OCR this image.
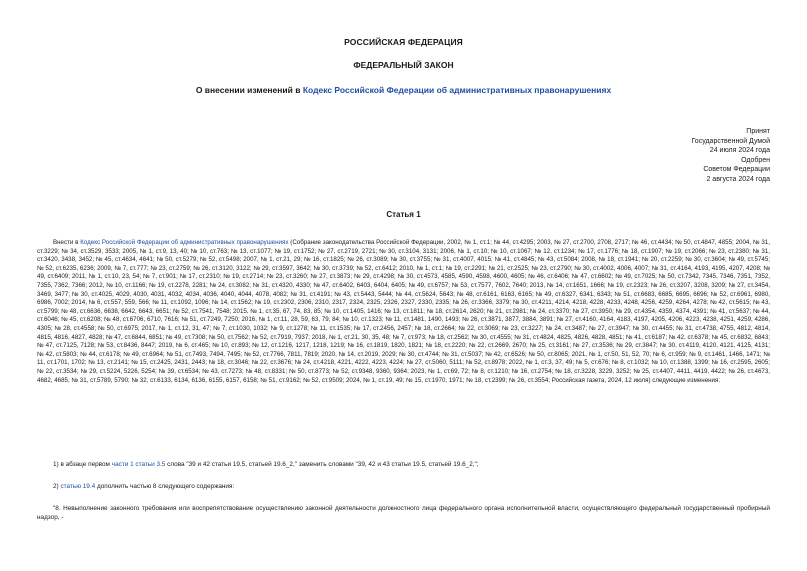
РОССИЙСКАЯ ФЕДЕРАЦИЯ
ФЕДЕРАЛЬНЫЙ ЗАКОН
О внесении изменений в Кодекс Российской Федерации об административных правонарушениях
Принят
Государственной Думой
24 июля 2024 года
Одобрен
Советом Федерации
2 августа 2024 года
Статья 1
Внести в Кодекс Российской Федерации об административных правонарушениях (Собрание законодательства Российской Федерации, 2002, № 1, ст.1; № 44, ст.4295; 2003, № 27, ст.2700, 2708, 2717; № 46, ст.4434; № 50, ст.4847, 4855; 2004, № 31, ст.3229; № 34, ст.3529, 3533; 2005, № 1, ст.9, 13, 40; № 10, ст.763; № 13, ст.1077; № 19, ст.1752; № 27, ст.2719, 2721; № 30, ст.3104, 3131; 2006, № 1, ст.10; № 10, ст.1067; № 12, ст.1234; № 17, ст.1776; № 18, ст.1907; № 19, ст.2066; № 23, ст.2380; № 31, ст.3420, 3438, 3452; № 45, ст.4634, 4641; № 50, ст.5279; № 52, ст.5498; 2007, № 1, ст.21, 29; № 16, ст.1825; № 26, ст.3089; № 30, ст.3755; № 31, ст.4007, 4015; № 41, ст.4845; № 43, ст.5084; 2008, № 18, ст.1941; № 20, ст.2259; № 30, ст.3604; № 49, ст.5745; № 52, ст.6235, 6236; 2009, № 7, ст.777; № 23, ст.2759; № 26, ст.3120, 3122; № 29, ст.3597, 3642; № 30, ст.3739; № 52, ст.6412; 2010, № 1, ст.1; № 19, ст.2291; № 21, ст.2525; № 23, ст.2790; № 30, ст.4002, 4006, 4007; № 31, ст.4164, 4193, 4195, 4207, 4208; № 49, ст.6409; 2011, № 1, ст.10, 23, 54; № 7, ст.901; № 17, ст.2310; № 19, ст.2714; № 23, ст.3260; № 27, ст.3873; № 29, ст.4298; № 30, ст.4573, 4585, 4590, 4598, 4600, 4605; № 46, ст.6406; № 47, ст.6602; № 49, ст.7025; № 50, ст.7342, 7345, 7346, 7351, 7352, 7355, 7362, 7366; 2012, № 10, ст.1166; № 19, ст.2278, 2281; № 24, ст.3082; № 31, ст.4320, 4330; № 47, ст.6402, 6403, 6404, 6405; № 49, ст.6757; № 53, ст.7577, 7602, 7640; 2013, № 14, ст.1651, 1666; № 19, ст.2323; № 26, ст.3207, 3208, 3209; № 27, ст.3454, 3469, 3477; № 30, ст.4025, 4029, 4030, 4031, 4032, 4034, 4036, 4040, 4044, 4078, 4082; № 31, ст.4191; № 43, ст.5443, 5444; № 44, ст.5624, 5643; № 48, ст.6161, 6163, 6165; № 49, ст.6327, 6341, 6343; № 51, ст.6683, 6685, 6695, 6696; № 52, ст.6961, 6980, 6986, 7002; 2014, № 6, ст.557, 559, 566; № 11, ст.1092, 1096; № 14, ст.1562; № 19, ст.2302, 2306, 2310, 2317, 2324, 2325, 2326, 2327, 2330, 2335; № 26, ст.3366, 3379; № 30, ст.4211, 4214, 4218, 4228, 4233, 4248, 4256, 4259, 4264, 4278; № 42, ст.5615; № 43, ст.5799; № 48, ст.6636, 6638, 6642, 6643, 6651; № 52, ст.7541, 7548; 2015, № 1, ст.35, 67, 74, 83, 85; № 10, ст.1405, 1416; № 13, ст.1811; № 18, ст.2614, 2620; № 21, ст.2981; № 24, ст.3370; № 27, ст.3950; № 29, ст.4354, 4359, 4374, 4391; № 41, ст.5637; № 44, ст.6046; № 45, ст.6208; № 48, ст.6706, 6710, 7616; № 51, ст.7249, 7250; 2016, № 1, ст.11, 28, 59, 63, 79, 84; № 10, ст.1323; № 11, ст.1481, 1490, 1493; № 26, ст.3871, 3877, 3884, 3891; № 27, ст.4160, 4164, 4183, 4197, 4205, 4206, 4223, 4238, 4251, 4259, 4286, 4305; № 28, ст.4558; № 50, ст.6975; 2017, № 1, ст.12, 31, 47; № 7, ст.1030, 1032; № 9, ст.1278; № 11, ст.1535; № 17, ст.2456, 2457; № 18, ст.2664; № 22, ст.3069; № 23, ст.3227; № 24, ст.3487; № 27, ст.3947; № 30, ст.4455; № 31, ст.4738, 4755, 4812, 4814, 4815, 4816, 4827, 4828; № 47, ст.6844, 6851; № 49, ст.7308; № 50, ст.7562; № 52, ст.7919, 7937; 2018, № 1, ст.21, 30, 35, 48; № 7, ст.973; № 18, ст.2562; № 30, ст.4555; № 31, ст.4824, 4825, 4826, 4828, 4851; № 41, ст.6187; № 42, ст.6378; № 45, ст.6832, 6843; № 47, ст.7125, 7128; № 53, ст.8436, 8447; 2019, № 6, ст.465; № 10, ст.893; № 12, ст.1216, 1217, 1218, 1219; № 16, ст.1819, 1820, 1821; № 18, ст.2220; № 22, ст.2669, 2670; № 25, ст.3161; № 27, ст.3536; № 29, ст.3847; № 30, ст.4119, 4120, 4121, 4125, 4131; № 42, ст.5803; № 44, ст.6178; № 49, ст.6964; № 51, ст.7493, 7494, 7495; № 52, ст.7766, 7811, 7819; 2020, № 14, ст.2019, 2029; № 30, ст.4744; № 31, ст.5037; № 42, ст.6526; № 50, ст.8065; 2021, № 1, ст.50, 51, 52, 70; № 6, ст.959; № 9, ст.1461, 1466, 1471; № 11, ст.1701, 1702; № 13, ст.2141; № 15, ст.2425, 2431, 2443; № 18, ст.3046; № 22, ст.3676; № 24, ст.4218, 4221, 4222, 4223, 4224; № 27, ст.5060, 5111; № 52, ст.8978; 2022, № 1, ст.3, 37, 49; № 5, ст.676; № 8, ст.1032; № 10, ст.1388, 1399; № 16, ст.2595, 2605; № 22, ст.3534; № 29, ст.5224, 5226, 5254; № 39, ст.6534; № 43, ст.7273; № 48, ст.8331; № 50, ст.8773; № 52, ст.9348, 9360, 9364; 2023, № 1, ст.69, 72; № 8, ст.1210; № 16, ст.2754; № 18, ст.3228, 3229, 3252; № 25, ст.4407, 4411, 4419, 4422; № 26, ст.4673, 4682, 4685; № 31, ст.5789, 5790; № 32, ст.6133, 6134, 6136, 6155, 6157, 6158; № 51, ст.9162; № 52, ст.9509; 2024, № 1, ст.19, 49; № 15, ст.1970, 1971; № 18, ст.2399; № 26, ст.3554; Российская газета, 2024, 12 июля) следующие изменения:
1) в абзаце первом части 1 статьи 3.5 слова "39 и 42 статьи 19.5, статьей 19.6_2," заменить словами "39, 42 и 43 статьи 19.5, статьей 19.6_2,";
2) статью 19.4 дополнить частью 8 следующего содержания:
"8. Невыполнение законного требования или воспрепятствование осуществлению законной деятельности должностного лица федерального органа исполнительной власти, осуществляющего федеральный государственный пробирный надзор, -
